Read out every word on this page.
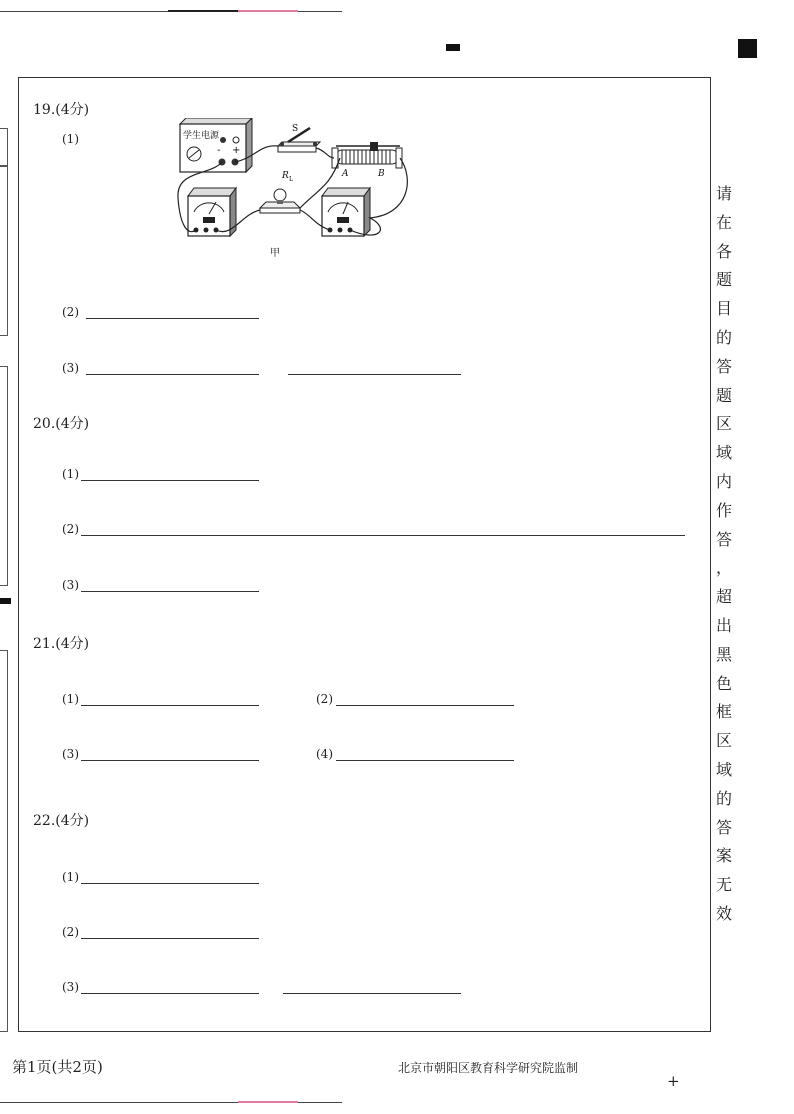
19.(4分)
(1)	学生电源
- +
S
A	B
R L
甲
(2)
(3)
20.(4分)
(1)
(2)
(3)
21.(4分)
(1)	(2)
(3)	(4)
22.(4分)
(1)
(2)
(3)
请
在
各
题
目
的
答
题
区
域
内
作
答
，
超
出
黑
色
框
区
域
的
答
案
无
效
第1页(共2页)	北京市朝阳区教育科学研究院监制
+
